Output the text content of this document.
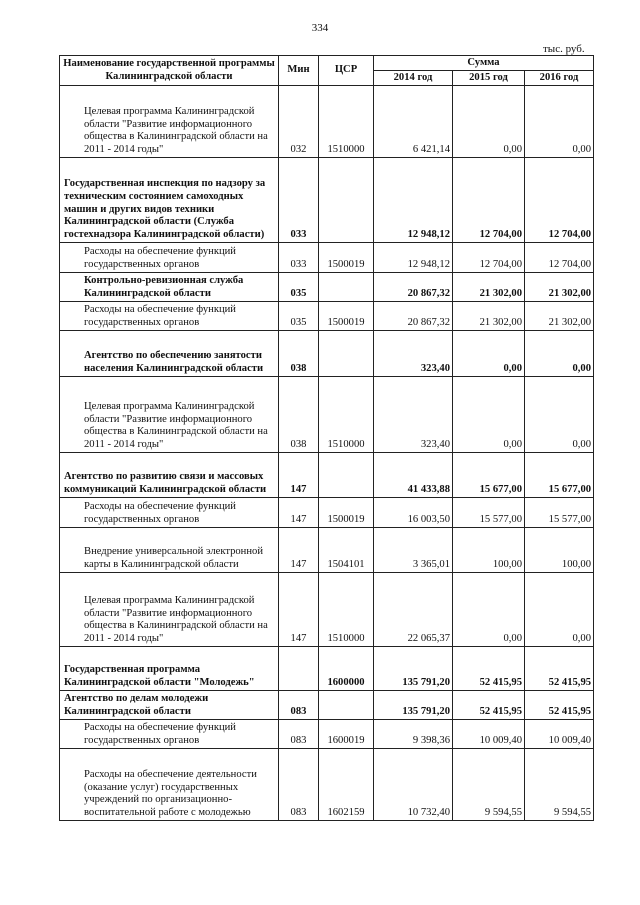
334
тыс. руб.
Наименование государственной программы Калининградской области	Мин	ЦСР	Сумма		
			2014 год	2015 год	2016 год
Целевая программа Калининградской области "Развитие информационного общества в Калининградской области на 2011 - 2014 годы"	032	1510000	6 421,14	0,00	0,00
Государственная инспекция по надзору за техническим состоянием самоходных машин и других видов техники Калининградской области (Служба гостехнадзора Калининградской области)	033		12 948,12	12 704,00	12 704,00
Расходы на обеспечение функций государственных органов	033	1500019	12 948,12	12 704,00	12 704,00
Контрольно-ревизионная служба Калининградской области	035		20 867,32	21 302,00	21 302,00
Расходы на обеспечение функций государственных органов	035	1500019	20 867,32	21 302,00	21 302,00
Агентство по обеспечению занятости населения Калининградской области	038		323,40	0,00	0,00
Целевая программа Калининградской области "Развитие информационного общества в Калининградской области на 2011 - 2014 годы"	038	1510000	323,40	0,00	0,00
Агентство по развитию связи и массовых коммуникаций Калининградской области	147		41 433,88	15 677,00	15 677,00
Расходы на обеспечение функций государственных органов	147	1500019	16 003,50	15 577,00	15 577,00
Внедрение универсальной электронной карты в Калининградской области	147	1504101	3 365,01	100,00	100,00
Целевая программа Калининградской области "Развитие информационного общества в Калининградской области на 2011 - 2014 годы"	147	1510000	22 065,37	0,00	0,00
Государственная программа Калининградской области "Молодежь"		1600000	135 791,20	52 415,95	52 415,95
Агентство по делам молодежи Калининградской области	083		135 791,20	52 415,95	52 415,95
Расходы на обеспечение функций государственных органов	083	1600019	9 398,36	10 009,40	10 009,40
Расходы на обеспечение деятельности (оказание услуг) государственных учреждений по организационно-воспитательной работе с молодежью	083	1602159	10 732,40	9 594,55	9 594,55
